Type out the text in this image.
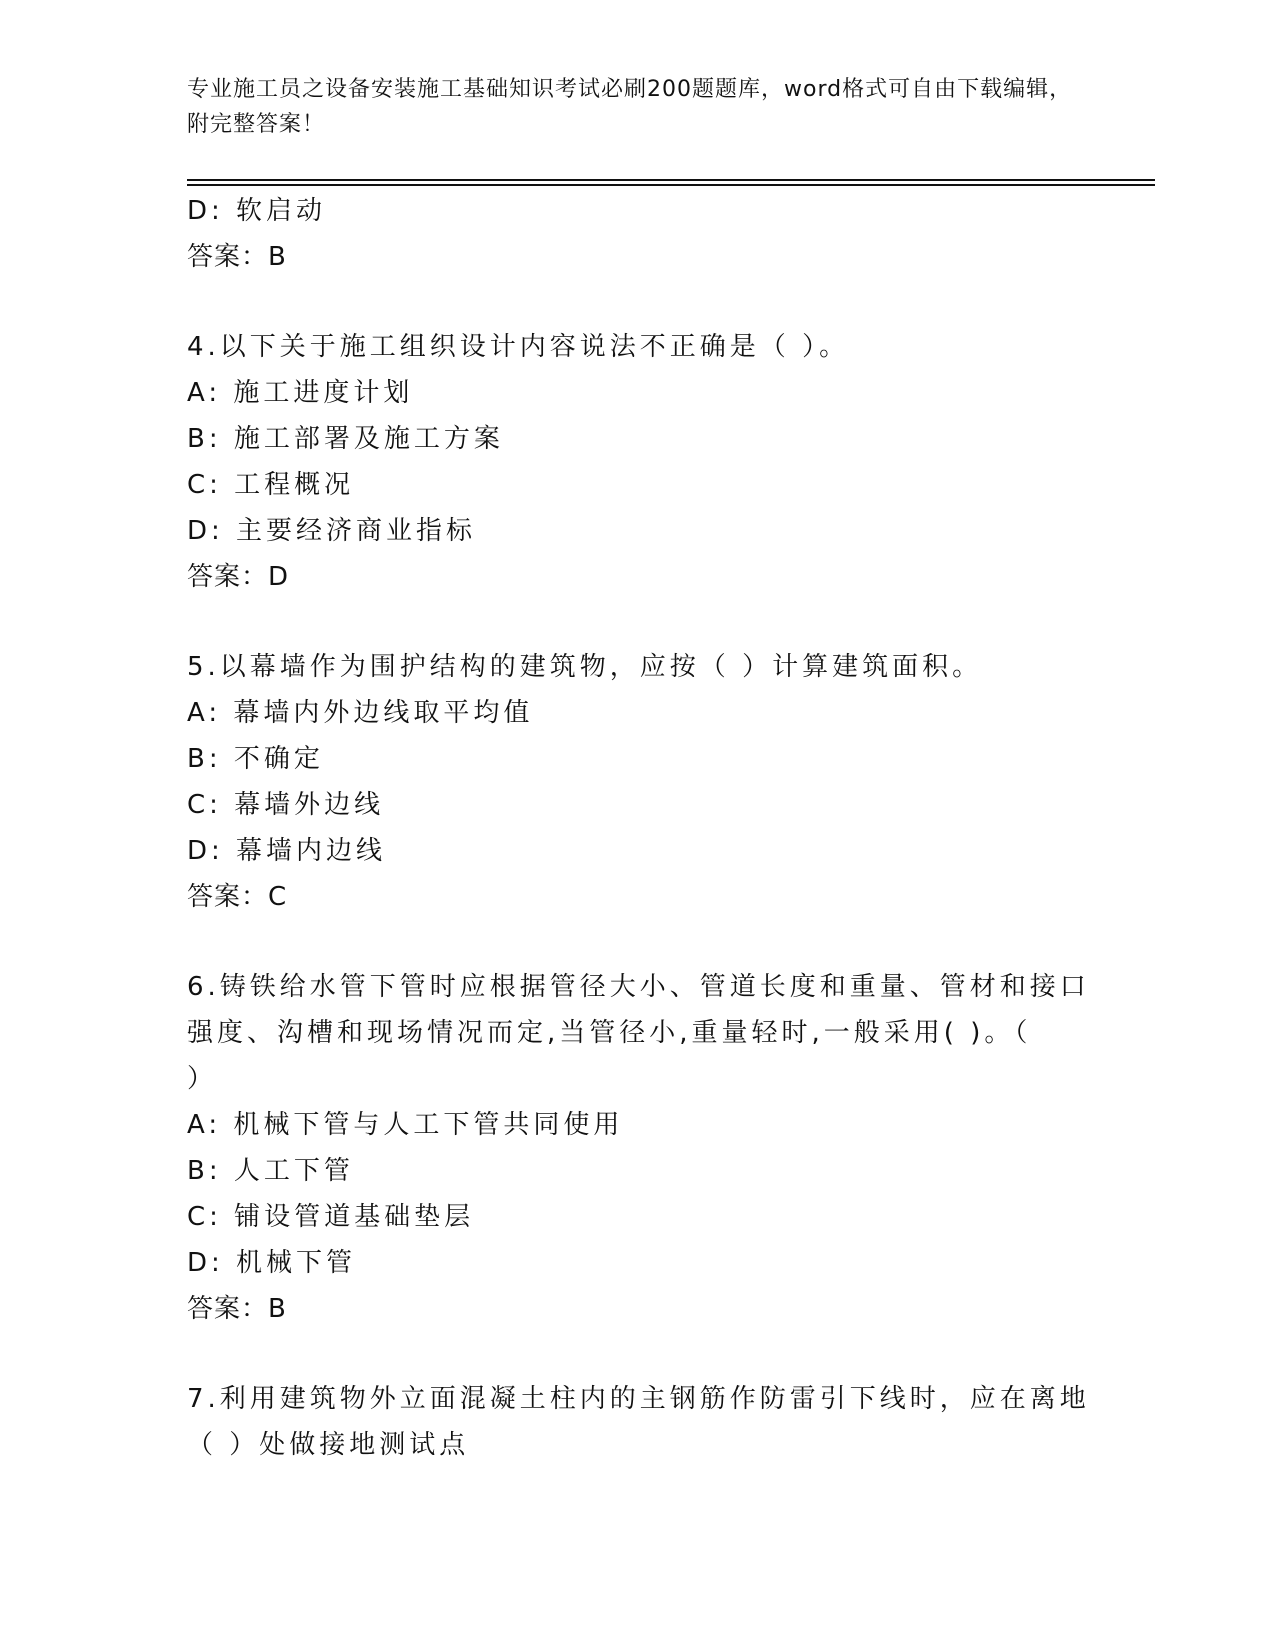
专业施工员之设备安装施工基础知识考试必刷200题题库，word格式可自由下载编辑，附完整答案！
D: 软启动
答案：B
4.以下关于施工组织设计内容说法不正确是（ ）。
A: 施工进度计划
B: 施工部署及施工方案
C: 工程概况
D: 主要经济商业指标
答案：D
5.以幕墙作为围护结构的建筑物，应按（ ）计算建筑面积。
A: 幕墙内外边线取平均值
B: 不确定
C: 幕墙外边线
D: 幕墙内边线
答案：C
6.铸铁给水管下管时应根据管径大小、管道长度和重量、管材和接口
强度、沟槽和现场情况而定,当管径小,重量轻时,一般采用( )。（
）
A: 机械下管与人工下管共同使用
B: 人工下管
C: 铺设管道基础垫层
D: 机械下管
答案：B
7.利用建筑物外立面混凝土柱内的主钢筋作防雷引下线时，应在离地
（ ）处做接地测试点
